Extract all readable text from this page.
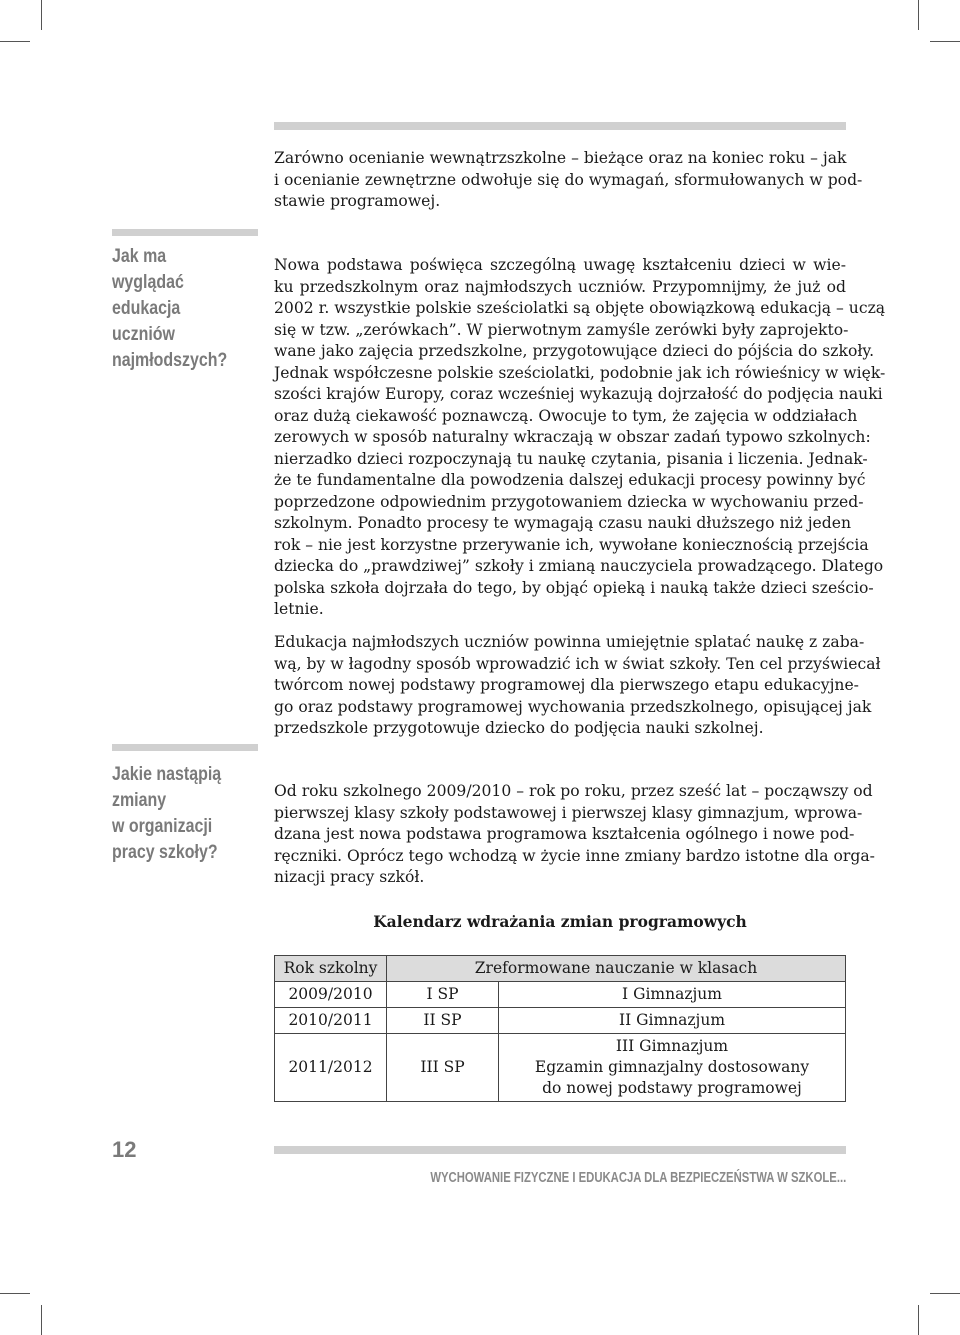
Zarówno ocenianie wewnątrzszkolne – bieżące oraz na koniec roku – jak
i ocenianie zewnętrzne odwołuje się do wymagań, sformułowanych w pod-
stawie programowej.
Jak ma wyglądać
edukacja
uczniów
najmłodszych?
Nowa podstawa poświęca szczególną uwagę kształceniu dzieci w wie-
ku przedszkolnym oraz najmłodszych uczniów. Przypomnijmy, że już od
2002 r. wszystkie polskie sześciolatki są objęte obowiązkową edukacją – uczą
się w tzw. „zerówkach”. W pierwotnym zamyśle zerówki były zaprojekto-
wane jako zajęcia przedszkolne, przygotowujące dzieci do pójścia do szkoły.
Jednak współczesne polskie sześciolatki, podobnie jak ich rówieśnicy w więk-
szości krajów Europy, coraz wcześniej wykazują dojrzałość do podjęcia nauki
oraz dużą ciekawość poznawczą. Owocuje to tym, że zajęcia w oddziałach
zerowych w sposób naturalny wkraczają w obszar zadań typowo szkolnych:
nierzadko dzieci rozpoczynają tu naukę czytania, pisania i liczenia. Jednak-
że te fundamentalne dla powodzenia dalszej edukacji procesy powinny być
poprzedzone odpowiednim przygotowaniem dziecka w wychowaniu przed-
szkolnym. Ponadto procesy te wymagają czasu nauki dłuższego niż jeden
rok – nie jest korzystne przerywanie ich, wywołane koniecznością przejścia
dziecka do „prawdziwej” szkoły i zmianą nauczyciela prowadzącego. Dlatego
polska szkoła dojrzała do tego, by objąć opieką i nauką także dzieci sześcio-
letnie.
Edukacja najmłodszych uczniów powinna umiejętnie splatać naukę z zaba-
wą, by w łagodny sposób wprowadzić ich w świat szkoły. Ten cel przyświecał
twórcom nowej podstawy programowej dla pierwszego etapu edukacyjne-
go oraz podstawy programowej wychowania przedszkolnego, opisującej jak
przedszkole przygotowuje dziecko do podjęcia nauki szkolnej.
Jakie nastąpią
zmiany
w organizacji
pracy szkoły?
Od roku szkolnego 2009/2010 – rok po roku, przez sześć lat – począwszy od
pierwszej klasy szkoły podstawowej i pierwszej klasy gimnazjum, wprowa-
dzana jest nowa podstawa programowa kształcenia ogólnego i nowe pod-
ręczniki. Oprócz tego wchodzą w życie inne zmiany bardzo istotne dla orga-
nizacji pracy szkół.
Kalendarz wdrażania zmian programowych
Rok szkolny	Zreformowane nauczanie w klasach	
2009/2010	I SP	I Gimnazjum
2010/2011	II SP	II Gimnazjum
2011/2012	III SP	III Gimnazjum
Egzamin gimnazjalny dostosowany
do nowej podstawy programowej
12
WYCHOWANIE FIZYCZNE I EDUKACJA DLA BEZPIECZEŃSTWA W SZKOLE...
